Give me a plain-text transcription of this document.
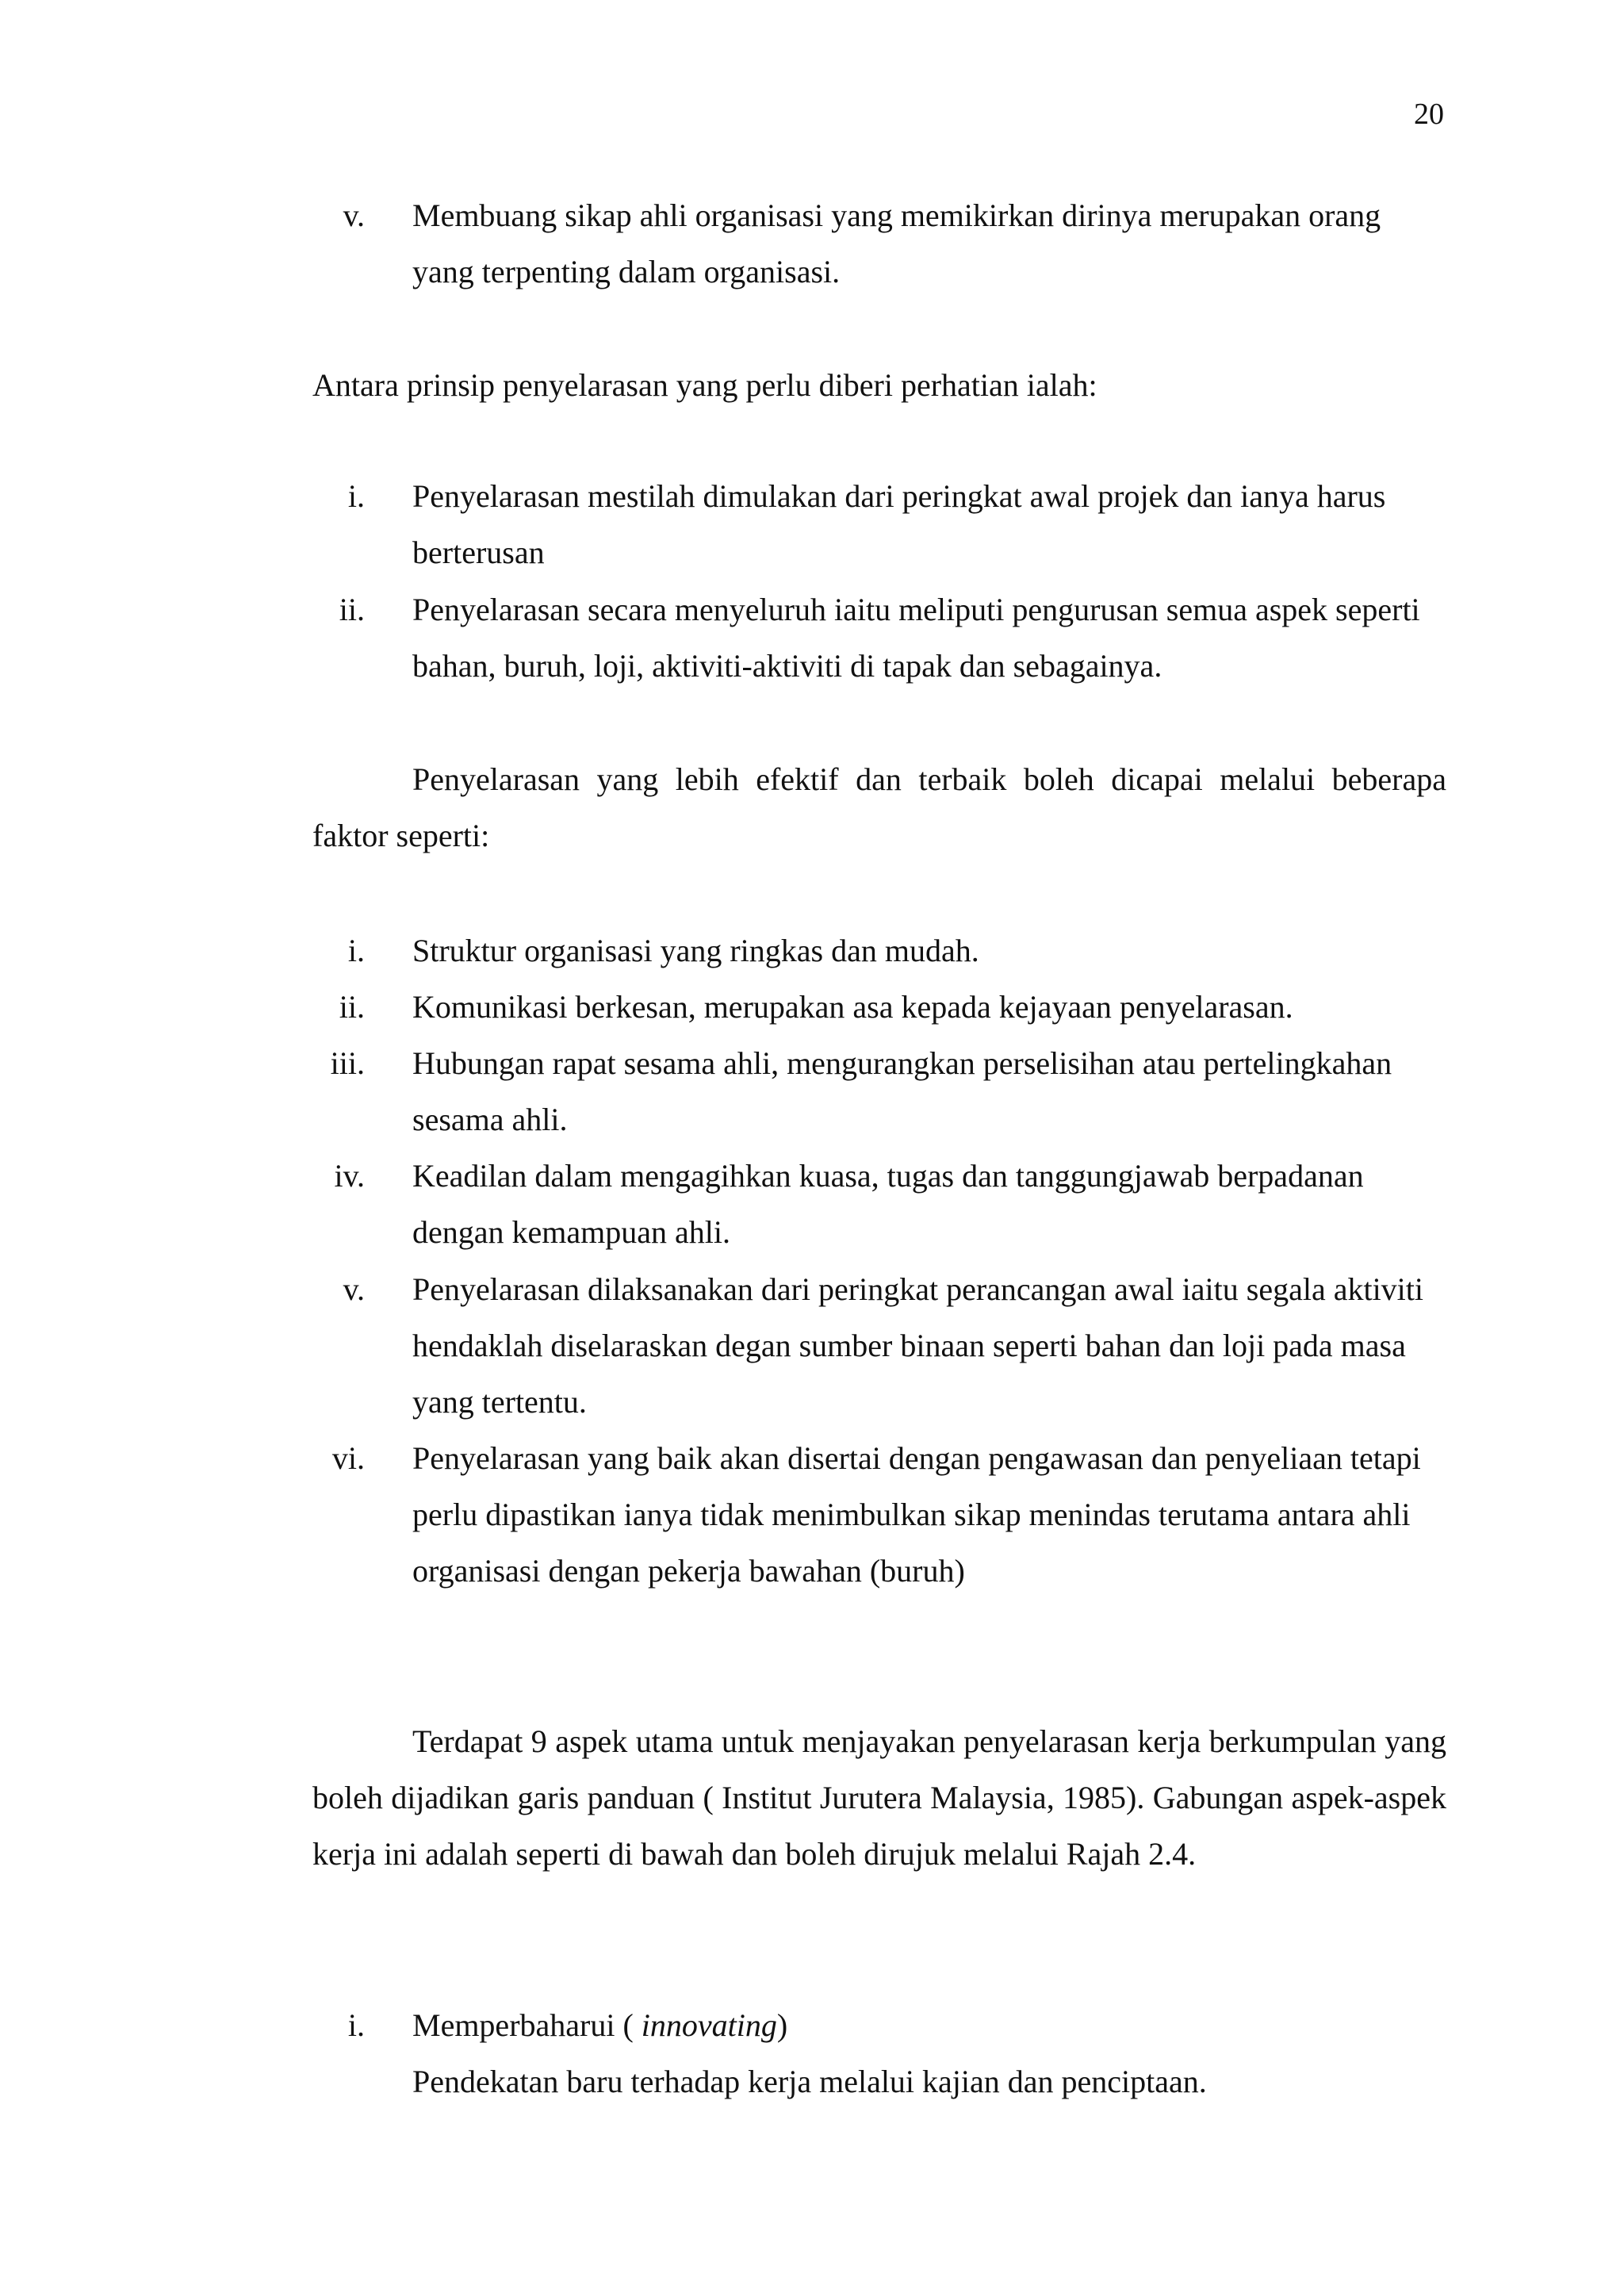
20
v. Membuang sikap ahli organisasi yang memikirkan dirinya merupakan orang yang terpenting dalam organisasi.
Antara prinsip penyelarasan yang perlu diberi perhatian ialah:
i. Penyelarasan mestilah dimulakan dari peringkat awal projek dan ianya harus berterusan
ii. Penyelarasan secara menyeluruh iaitu meliputi pengurusan semua aspek seperti bahan, buruh, loji, aktiviti-aktiviti di tapak dan sebagainya.
Penyelarasan yang lebih efektif dan terbaik boleh dicapai melalui beberapa faktor seperti:
i. Struktur organisasi yang ringkas dan mudah.
ii. Komunikasi berkesan, merupakan asa kepada kejayaan penyelarasan.
iii. Hubungan rapat sesama ahli, mengurangkan perselisihan atau pertelingkahan sesama ahli.
iv. Keadilan dalam mengagihkan kuasa, tugas dan tanggungjawab berpadanan dengan kemampuan ahli.
v. Penyelarasan dilaksanakan dari peringkat perancangan awal iaitu segala aktiviti hendaklah diselaraskan degan sumber binaan seperti bahan dan loji pada masa yang tertentu.
vi. Penyelarasan yang baik akan disertai dengan pengawasan dan penyeliaan tetapi perlu dipastikan ianya tidak menimbulkan sikap menindas terutama antara ahli organisasi dengan pekerja bawahan (buruh)
Terdapat 9 aspek utama untuk menjayakan penyelarasan kerja berkumpulan yang boleh dijadikan garis panduan ( Institut Jurutera Malaysia, 1985). Gabungan aspek-aspek kerja ini adalah seperti di bawah dan boleh dirujuk melalui Rajah 2.4.
i. Memperbaharui ( innovating)
Pendekatan baru terhadap kerja melalui kajian dan penciptaan.
